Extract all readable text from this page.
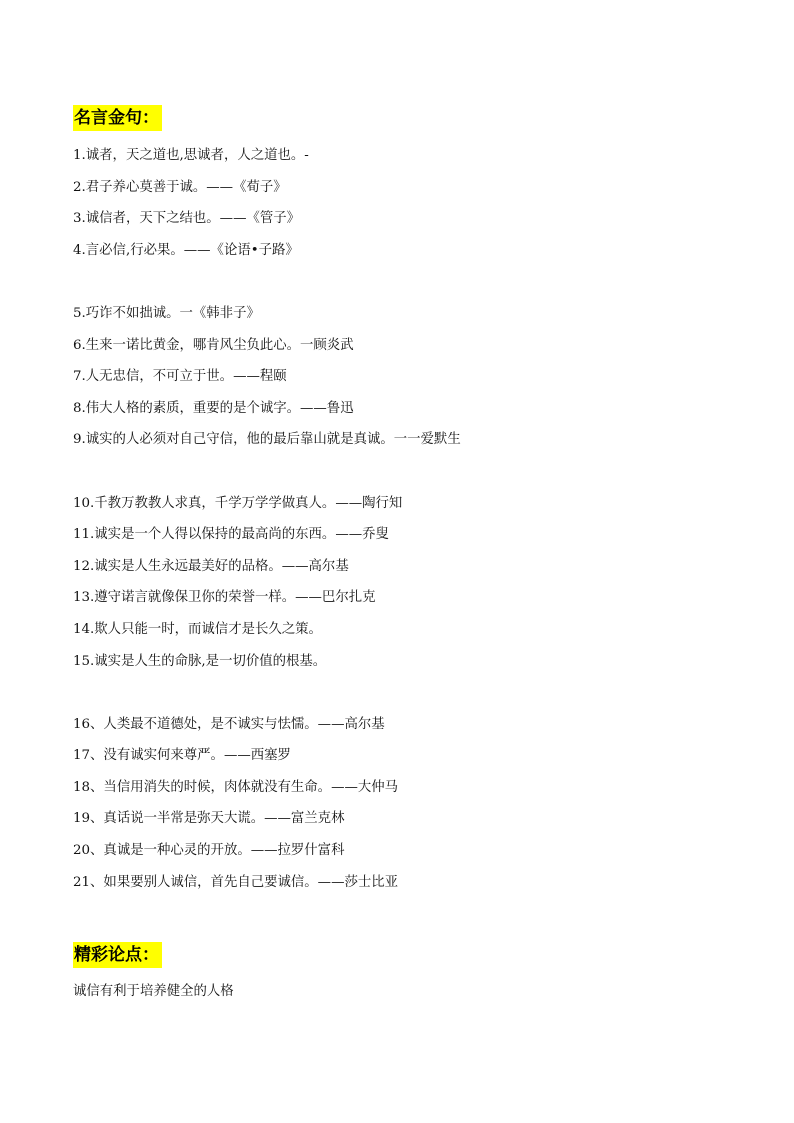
名言金句：
1.诚者，天之道也,思诚者，人之道也。-
2.君子养心莫善于诚。——《荀子》
3.诚信者，天下之结也。——《管子》
4.言必信,行必果。——《论语•子路》
5.巧诈不如拙诚。一《韩非子》
6.生来一诺比黄金，哪肯风尘负此心。一顾炎武
7.人无忠信，不可立于世。——程颐
8.伟大人格的素质，重要的是个诚字。——鲁迅
9.诚实的人必须对自己守信，他的最后靠山就是真诚。一一爱默生
10.千教万教教人求真，千学万学学做真人。——陶行知
11.诚实是一个人得以保持的最高尚的东西。——乔叟
12.诚实是人生永远最美好的品格。——高尔基
13.遵守诺言就像保卫你的荣誉一样。——巴尔扎克
14.欺人只能一时，而诚信才是长久之策。
15.诚实是人生的命脉,是一切价值的根基。
16、人类最不道德处，是不诚实与怯懦。——高尔基
17、没有诚实何来尊严。——西塞罗
18、当信用消失的时候，肉体就没有生命。——大仲马
19、真话说一半常是弥天大谎。——富兰克林
20、真诚是一种心灵的开放。——拉罗什富科
21、如果要别人诚信，首先自己要诚信。——莎士比亚
精彩论点：
诚信有利于培养健全的人格
